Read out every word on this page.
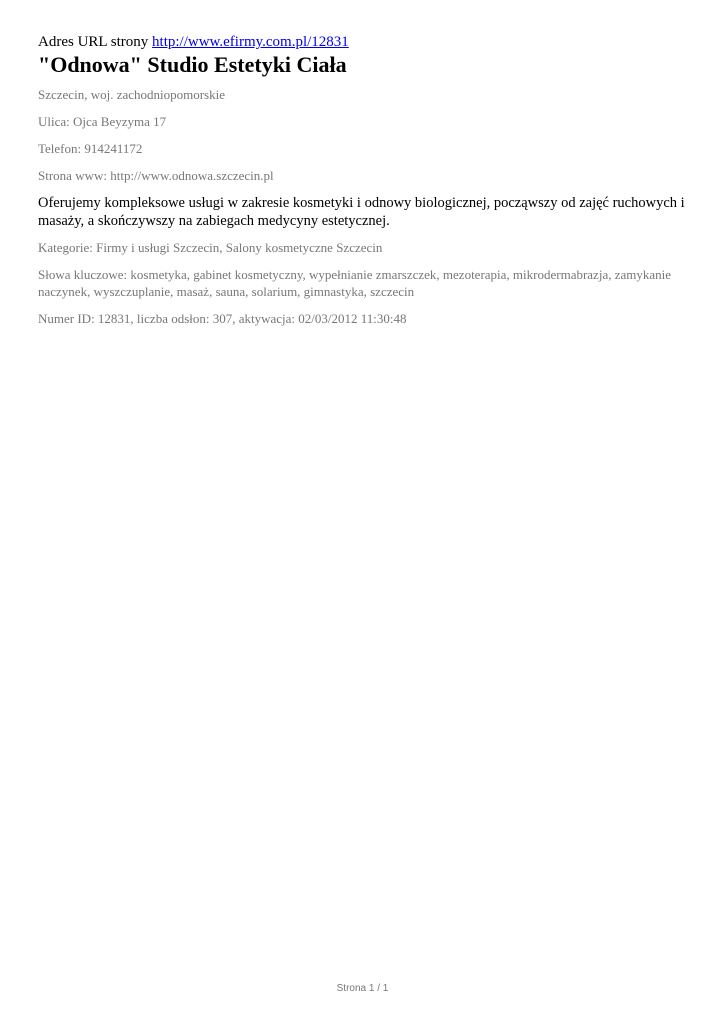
Adres URL strony http://www.efirmy.com.pl/12831

"Odnowa" Studio Estetyki Ciała

Szczecin, woj. zachodniopomorskie

Ulica: Ojca Beyzyma 17

Telefon: 914241172

Strona www: http://www.odnowa.szczecin.pl

Oferujemy kompleksowe usługi w zakresie kosmetyki i odnowy biologicznej, począwszy od zajęć ruchowych i masaży, a skończywszy na zabiegach medycyny estetycznej.

Kategorie: Firmy i usługi Szczecin, Salony kosmetyczne Szczecin

Słowa kluczowe: kosmetyka, gabinet kosmetyczny, wypełnianie zmarszczek, mezoterapia, mikrodermabrazja, zamykanie naczynek, wyszczuplanie, masaż, sauna, solarium, gimnastyka, szczecin

Numer ID: 12831, liczba odsłon: 307, aktywacja: 02/03/2012 11:30:48

Strona 1 / 1
